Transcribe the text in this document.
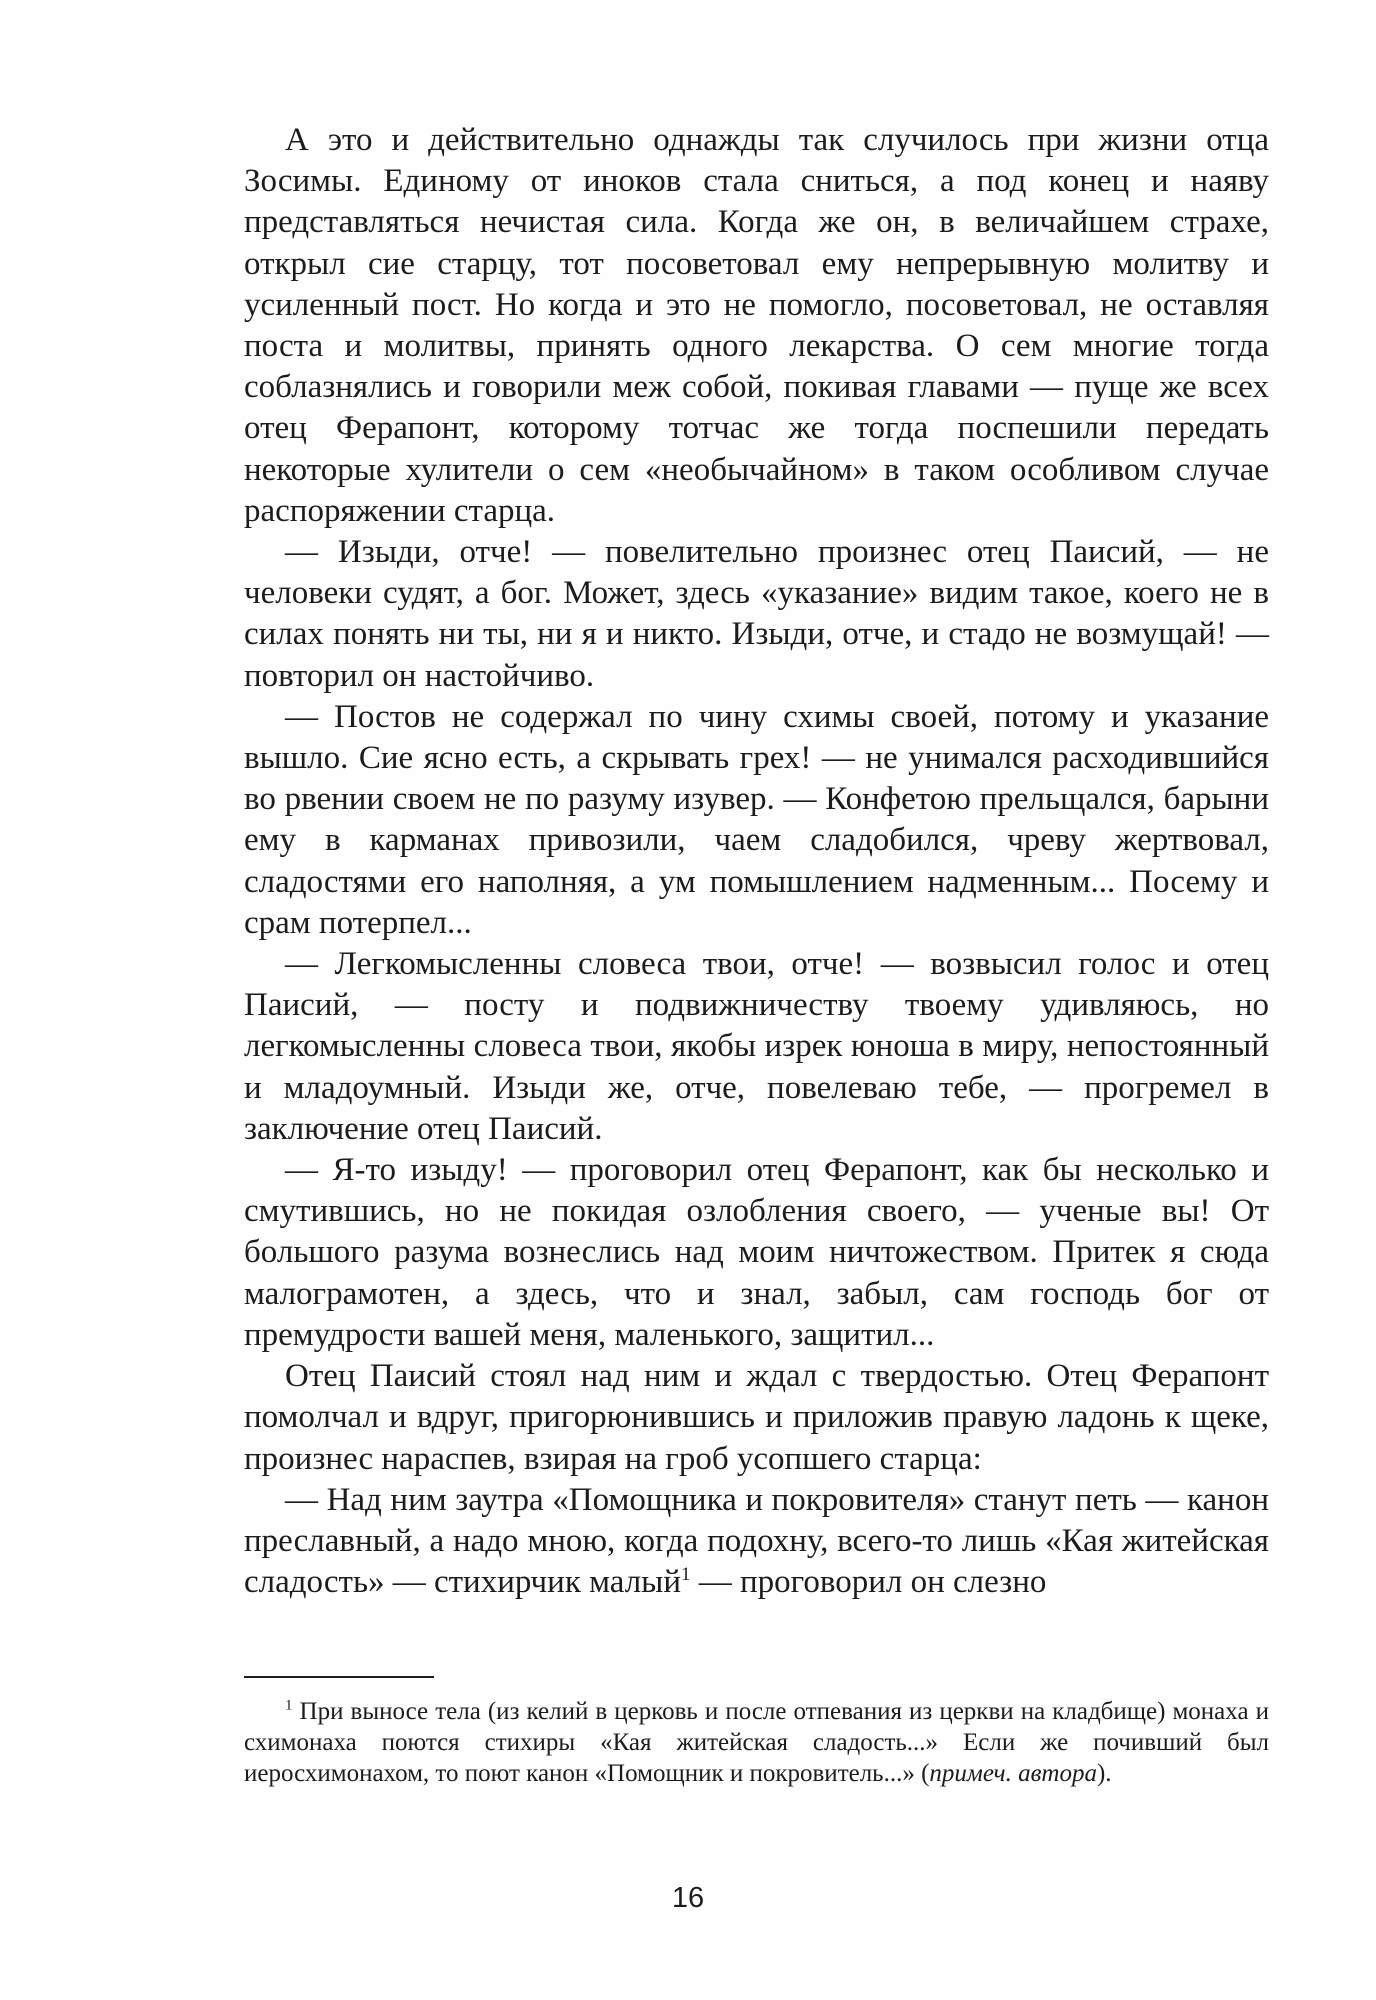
А это и действительно однажды так случилось при жизни отца Зосимы. Единому от иноков стала сниться, а под конец и наяву представляться нечистая сила. Когда же он, в величайшем страхе, открыл сие старцу, тот посоветовал ему непрерывную молитву и усиленный пост. Но когда и это не помогло, посоветовал, не оставляя поста и молитвы, принять одного лекарства. О сем многие тогда соблазнялись и говорили меж собой, покивая главами — пуще же всех отец Ферапонт, которому тотчас же тогда поспешили передать некоторые хулители о сем «необычайном» в таком особливом случае распоряжении старца.

— Изыди, отче! — повелительно произнес отец Паисий, — не человеки судят, а бог. Может, здесь «указание» видим такое, коего не в силах понять ни ты, ни я и никто. Изыди, отче, и стадо не возмущай! — повторил он настойчиво.

— Постов не содержал по чину схимы своей, потому и указание вышло. Сие ясно есть, а скрывать грех! — не унимался расходившийся во рвении своем не по разуму изувер. — Конфетою прельщался, барыни ему в карманах привозили, чаем сладобился, чреву жертвовал, сладостями его наполняя, а ум помышлением надменным... Посему и срам потерпел...

— Легкомысленны словеса твои, отче! — возвысил голос и отец Паисий, — посту и подвижничеству твоему удивляюсь, но легкомысленны словеса твои, якобы изрек юноша в миру, непостоянный и младоумный. Изыди же, отче, повелеваю тебе, — прогремел в заключение отец Паисий.

— Я-то изыду! — проговорил отец Ферапонт, как бы несколько и смутившись, но не покидая озлобления своего, — ученые вы! От большого разума вознеслись над моим ничтожеством. Притек я сюда малограмотен, а здесь, что и знал, забыл, сам господь бог от премудрости вашей меня, маленького, защитил...

Отец Паисий стоял над ним и ждал с твердостью. Отец Ферапонт помолчал и вдруг, пригорюнившись и приложив правую ладонь к щеке, произнес нараспев, взирая на гроб усопшего старца:

— Над ним заутра «Помощника и покровителя» станут петь — канон преславный, а надо мною, когда подохну, всего-то лишь «Кая житейская сладость» — стихирчик малый$^1$ — проговорил он слезно

$^1$ При выносе тела (из келий в церковь и после отпевания из церкви на кладбище) монаха и схимонаха поются стихиры «Кая житейская сладость...» Если же почивший был иеросхимонахом, то поют канон «Помощник и покровитель...» (примеч. автора).

16
